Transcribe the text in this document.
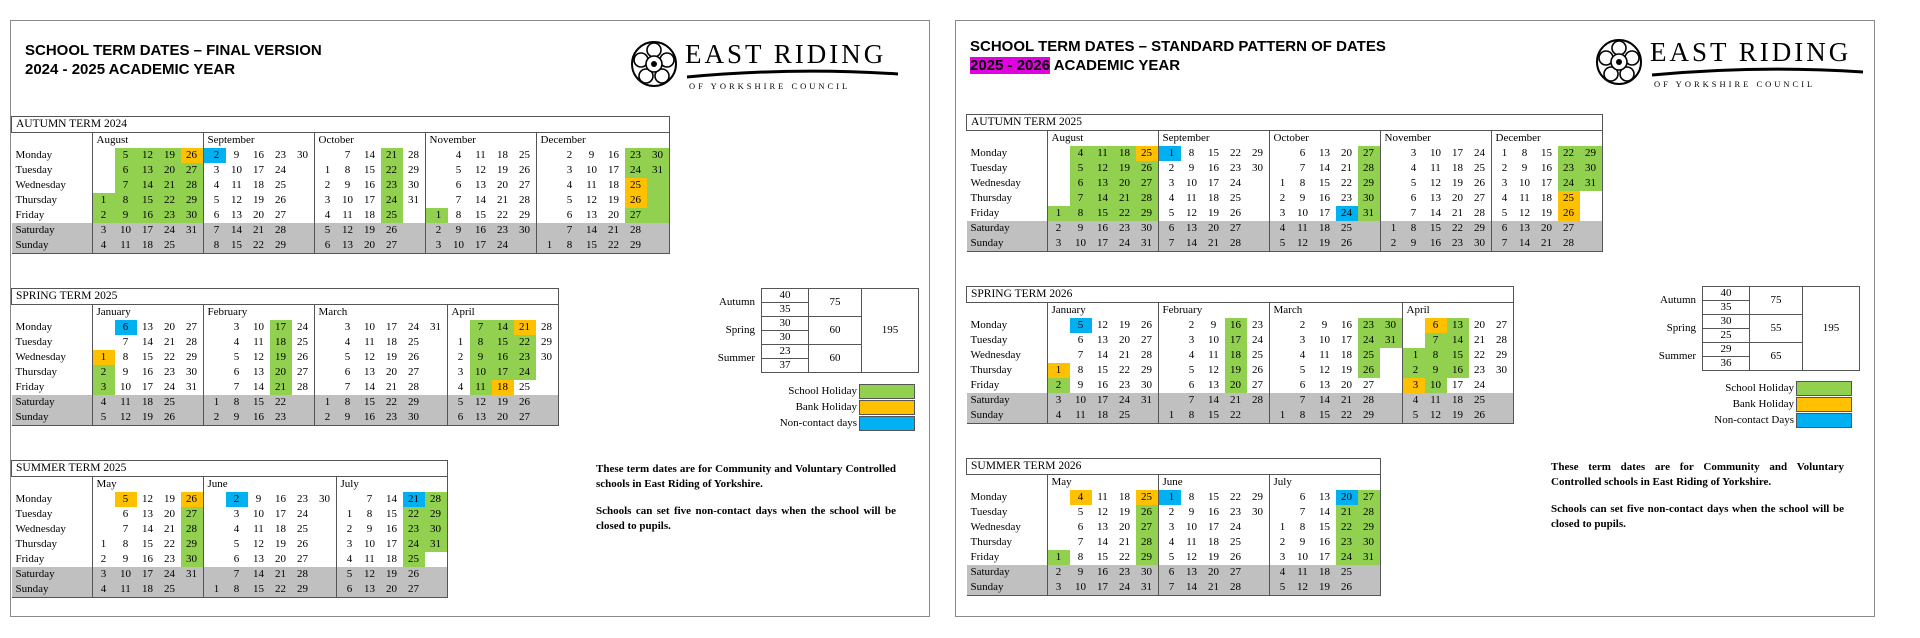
SCHOOL TERM DATES – FINAL VERSION
2024 - 2025 ACADEMIC YEAR
EAST RIDING
OF YORKSHIRE COUNCIL
AUTUMN TERM 2024																										
	August					September					October					November					December					
Monday		5	12	19	26	2	9	16	23	30		7	14	21	28		4	11	18	25		2	9	16	23	30
Tuesday		6	13	20	27	3	10	17	24		1	8	15	22	29		5	12	19	26		3	10	17	24	31
Wednesday		7	14	21	28	4	11	18	25		2	9	16	23	30		6	13	20	27		4	11	18	25	
Thursday	1	8	15	22	29	5	12	19	26		3	10	17	24	31		7	14	21	28		5	12	19	26	
Friday	2	9	16	23	30	6	13	20	27		4	11	18	25		1	8	15	22	29		6	13	20	27	
Saturday	3	10	17	24	31	7	14	21	28		5	12	19	26		2	9	16	23	30		7	14	21	28	
Sunday	4	11	18	25		8	15	22	29		6	13	20	27		3	10	17	24		1	8	15	22	29	
SPRING TERM 2025																					
	January					February					March						April				
Monday		6	13	20	27		3	10	17	24		3	10	17	24	31		7	14	21	28
Tuesday		7	14	21	28		4	11	18	25		4	11	18	25		1	8	15	22	29
Wednesday	1	8	15	22	29		5	12	19	26		5	12	19	26		2	9	16	23	30
Thursday	2	9	16	23	30		6	13	20	27		6	13	20	27		3	10	17	24	
Friday	3	10	17	24	31		7	14	21	28		7	14	21	28		4	11	18	25	
Saturday	4	11	18	25		1	8	15	22		1	8	15	22	29		5	12	19	26	
Sunday	5	12	19	26		2	9	16	23		2	9	16	23	30		6	13	20	27	
SUMMER TERM 2025																
	May					June						July				
Monday		5	12	19	26		2	9	16	23	30		7	14	21	28
Tuesday		6	13	20	27		3	10	17	24		1	8	15	22	29
Wednesday		7	14	21	28		4	11	18	25		2	9	16	23	30
Thursday	1	8	15	22	29		5	12	19	26		3	10	17	24	31
Friday	2	9	16	23	30		6	13	20	27		4	11	18	25	
Saturday	3	10	17	24	31		7	14	21	28		5	12	19	26	
Sunday	4	11	18	25		1	8	15	22	29		6	13	20	27	
Autumn	40	75	195
	35		
Spring	30	60	
	30		
Summer	23	60	
	37		
School Holiday
Bank Holiday
Non-contact days

These term dates are for Community and Voluntary Controlled schools in East Riding of Yorkshire.

Schools can set five non-contact days when the school will be closed to pupils.

SCHOOL TERM DATES – STANDARD PATTERN OF DATES
2025 - 2026 ACADEMIC YEAR	EAST RIDING
OF YORKSHIRE COUNCIL
AUTUMN TERM 2025																									
	August					September					October					November					December				
Monday		4	11	18	25	1	8	15	22	29		6	13	20	27		3	10	17	24	1	8	15	22	29
Tuesday		5	12	19	26	2	9	16	23	30		7	14	21	28		4	11	18	25	2	9	16	23	30
Wednesday		6	13	20	27	3	10	17	24		1	8	15	22	29		5	12	19	26	3	10	17	24	31
Thursday		7	14	21	28	4	11	18	25		2	9	16	23	30		6	13	20	27	4	11	18	25	
Friday	1	8	15	22	29	5	12	19	26		3	10	17	24	31		7	14	21	28	5	12	19	26	
Saturday	2	9	16	23	30	6	13	20	27		4	11	18	25		1	8	15	22	29	6	13	20	27	
Sunday	3	10	17	24	31	7	14	21	28		5	12	19	26		2	9	16	23	30	7	14	21	28	
SPRING TERM 2026																					
	January					February					March						April				
Monday		5	12	19	26		2	9	16	23		2	9	16	23	30		6	13	20	27
Tuesday		6	13	20	27		3	10	17	24		3	10	17	24	31		7	14	21	28
Wednesday		7	14	21	28		4	11	18	25		4	11	18	25		1	8	15	22	29
Thursday	1	8	15	22	29		5	12	19	26		5	12	19	26		2	9	16	23	30
Friday	2	9	16	23	30		6	13	20	27		6	13	20	27		3	10	17	24	
Saturday	3	10	17	24	31		7	14	21	28		7	14	21	28		4	11	18	25	
Sunday	4	11	18	25		1	8	15	22		1	8	15	22	29		5	12	19	26	
SUMMER TERM 2026															
	May					June					July				
Monday		4	11	18	25	1	8	15	22	29		6	13	20	27
Tuesday		5	12	19	26	2	9	16	23	30		7	14	21	28
Wednesday		6	13	20	27	3	10	17	24		1	8	15	22	29
Thursday		7	14	21	28	4	11	18	25		2	9	16	23	30
Friday	1	8	15	22	29	5	12	19	26		3	10	17	24	31
Saturday	2	9	16	23	30	6	13	20	27		4	11	18	25	
Sunday	3	10	17	24	31	7	14	21	28		5	12	19	26	
Autumn	40	75	195
	35		
Spring	30	55	
	25		
Summer	29	65	
	36		
School Holiday
Bank Holiday
Non-contact Days

These term dates are for Community and Voluntary Controlled schools in East Riding of Yorkshire.

Schools can set five non-contact days when the school will be closed to pupils.
